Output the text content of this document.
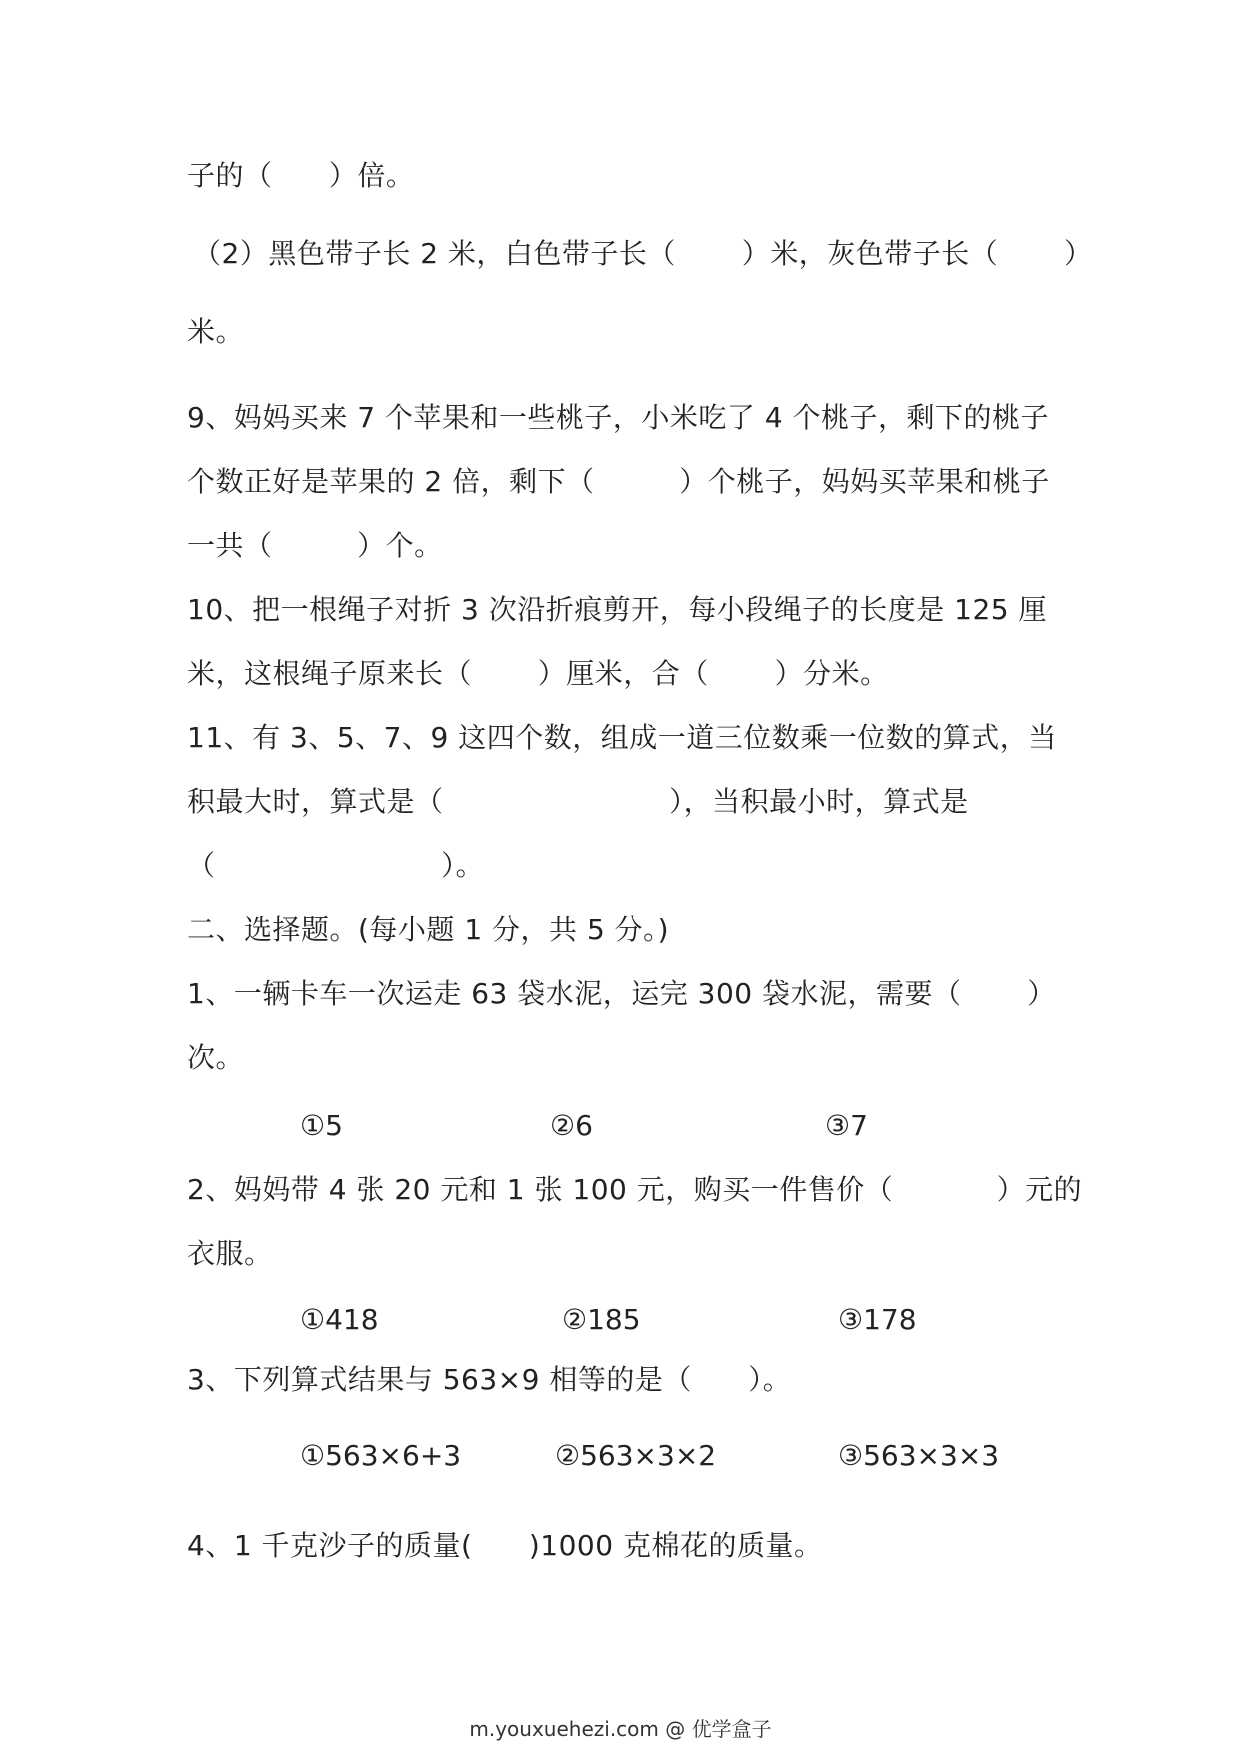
子的（      ）倍。
（2）黑色带子长 2 米，白色带子长（       ）米，灰色带子长（       ）
米。
9、妈妈买来 7 个苹果和一些桃子，小米吃了 4 个桃子，剩下的桃子
个数正好是苹果的 2 倍，剩下（         ）个桃子，妈妈买苹果和桃子
一共（         ）个。
10、把一根绳子对折 3 次沿折痕剪开，每小段绳子的长度是 125 厘
米，这根绳子原来长（       ）厘米，合（       ）分米。
11、有 3、5、7、9 这四个数，组成一道三位数乘一位数的算式，当
积最大时，算式是（                        ），当积最小时，算式是
（                        ）。
二、选择题。(每小题 1 分，共 5 分。)
1、一辆卡车一次运走 63 袋水泥，运完 300 袋水泥，需要（       ）
次。
①5	②6	③7
2、妈妈带 4 张 20 元和 1 张 100 元，购买一件售价（           ）元的
衣服。
①418	②185	③178
3、下列算式结果与 563×9 相等的是（      ）。
①563×6+3	②563×3×2	③563×3×3
4、1 千克沙子的质量(      )1000 克棉花的质量。
m.youxuehezi.com @ 优学盒子
